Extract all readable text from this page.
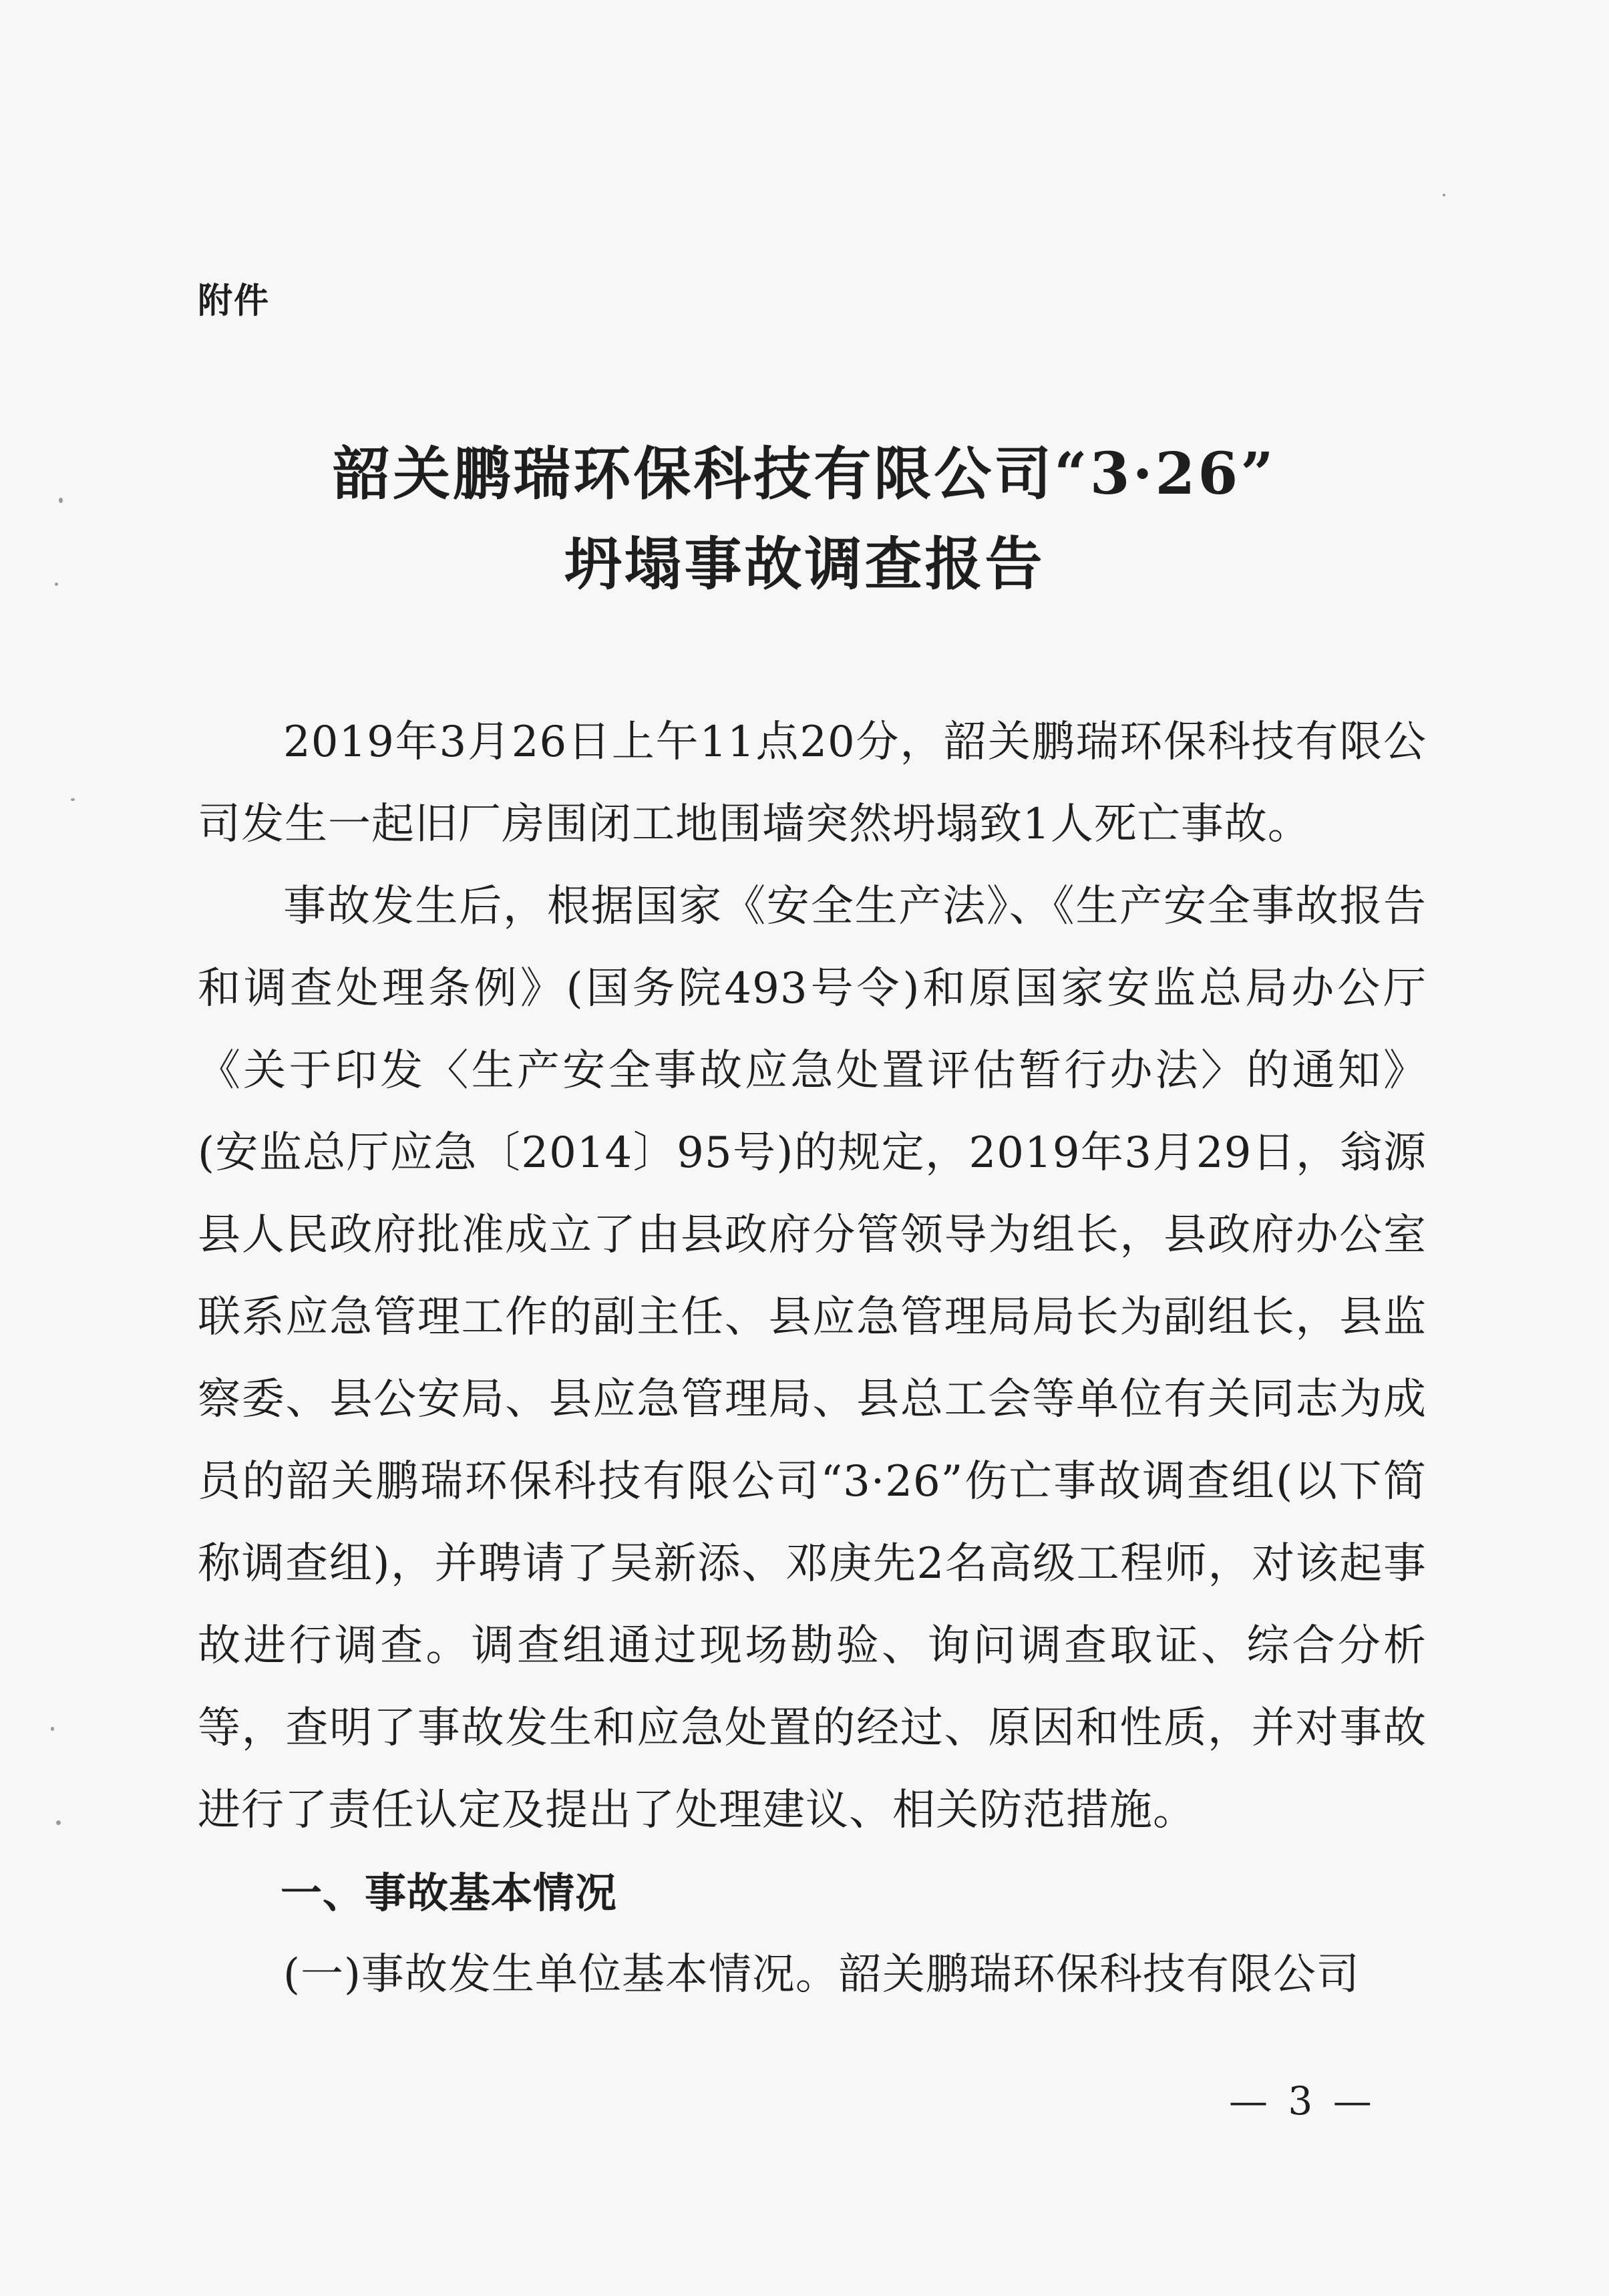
附件
韶关鹏瑞环保科技有限公司“3·26”
坍塌事故调查报告

2019年3月26日上午11点20分，韶关鹏瑞环保科技有限公司发生一起旧厂房围闭工地围墙突然坍塌致1人死亡事故。

事故发生后，根据国家《安全生产法》、《生产安全事故报告和调查处理条例》(国务院493号令)和原国家安监总局办公厅《关于印发〈生产安全事故应急处置评估暂行办法〉的通知》(安监总厅应急〔2014〕95号)的规定，2019年3月29日，翁源县人民政府批准成立了由县政府分管领导为组长，县政府办公室联系应急管理工作的副主任、县应急管理局局长为副组长，县监察委、县公安局、县应急管理局、县总工会等单位有关同志为成员的韶关鹏瑞环保科技有限公司“3·26”伤亡事故调查组(以下简称调查组)，并聘请了吴新添、邓庚先2名高级工程师，对该起事故进行调查。调查组通过现场勘验、询问调查取证、综合分析等，查明了事故发生和应急处置的经过、原因和性质，并对事故进行了责任认定及提出了处理建议、相关防范措施。

一、事故基本情况

(一)事故发生单位基本情况。韶关鹏瑞环保科技有限公司

— 3 —
